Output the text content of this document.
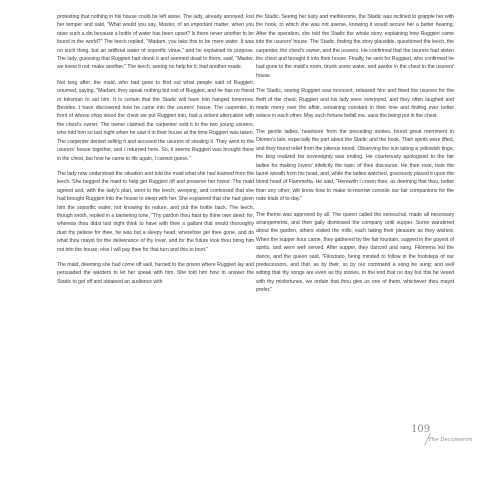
protesting that nothing in his house could be left alone. The lady, already annoyed, lost her temper and said, "What would you say, Master, of an important matter, when you raise such a din because a bottle of water has been upset? Is there never another to be found in the world?" The leech replied, "Madam, you take this to be mere water. It was no such thing, but an artificial water of soporific virtue," and he explained its purpose. The lady, guessing that Ruggieri had drunk it and seemed dead to them, said, "Master, we knew it not; make another." The leech, seeing no help for it, had another made.

Not long after, the maid, who had gone to find out what people said of Ruggieri, returned, saying, "Madam, they speak nothing but evil of Ruggieri, and he has no friend or kinsman to aid him. It is certain that the Stadic will have him hanged tomorrow. Besides, I have discovered how he came into the usurers' house. The carpenter, in front of whose shop stood the chest we put Ruggieri into, had a violent altercation with the chest's owner. The owner claimed the carpenter sold it to the two young usurers, who told him so last night when he saw it in their house at the time Ruggieri was taken. The carpenter denied selling it and accused the usurers of stealing it. They went to the usurers' house together, and I returned here. So, it seems Ruggieri was brought there in the chest, but how he came to life again, I cannot guess."

The lady now understood the situation and told the maid what she had learned from the leech. She begged the maid to help get Ruggieri off and preserve her honor. The maid agreed and, with the lady's plan, went to the leech, weeping, and confessed that she had brought Ruggieri into the house to sleep with her. She explained that she had given him the soporific water, not knowing its nature, and put the bottle back. The leech, though wroth, replied in a bantering tone, "Thy pardon thou hast by thine own deed; for, whereas thou didst last night think to have with thee a gallant that would thoroughly dust thy pelisse for thee, he was but a sleepy head; wherefore get thee gone, and do what thou mayst for the deliverance of thy lover, and for the future look thou bring him not into the house; else I will pay thee for that turn and this to boot."

The maid, deeming she had come off well, hurried to the prison where Ruggieri lay and persuaded the warders to let her speak with him. She told him how to answer the Stadic to get off and obtained an audience with

the Stadic. Seeing her lusty and mettlesome, the Stadic was inclined to grapple her with the hook, to which she was not averse, knowing it would secure her a better hearing. After the operation, she told the Stadic the whole story, explaining how Ruggieri came into the usurers' house. The Stadic, finding the story plausible, questioned the leech, the carpenter, the chest's owner, and the usurers. He confirmed that the usurers had stolen the chest and brought it into their house. Finally, he sent for Ruggieri, who confirmed he had gone to the maid's room, drunk some water, and awoke in the chest in the usurers' house.

The Stadic, seeing Ruggieri was innocent, released him and fined the usurers for the theft of the chest. Ruggieri and his lady were overjoyed, and they often laughed and made merry over the affair, remaining constant in their love and finding ever better solace in each other. May such fortune befall me, sans the being put in the chest.

The gentle ladies, heartsore from the preceding stories, found great merriment in Dioneo's tale, especially the part about the Stadic and the hook. Their spirits were lifted, and they found relief from the piteous mood. Observing the sun taking a yellowish tinge, the king realized his sovereignty was ending. He courteously apologized to the fair ladies for making lovers' infelicity the topic of their discourse. He then rose, took the laurel wreath from his head, and, while the ladies watched, graciously placed it upon the blond head of Fiammetta. He said, "Herewith I crown thee, as deeming that thou, better than any other, wilt know how to make to-morrow console our fair companions for the rude trials of to-day."

The theme was approved by all. The queen called the seneschal, made all necessary arrangements, and then gaily dismissed the company until supper. Some wandered about the garden, others visited the mills, each taking their pleasure as they wished. When the supper hour came, they gathered by the fair fountain, supped in the gayest of spirits, and were well served. After supper, they danced and sang. Filomena led the dance, and the queen said, "Filostrato, being minded to follow in the footsteps of our predecessors, and that, as by their, so by our command a song be sung; and well witting that thy songs are even as thy stories, to the end that no day but this be vexed with thy misfortunes, we ordain that thou give us one of them, whichever thou mayst prefer."

109
The Decameron
